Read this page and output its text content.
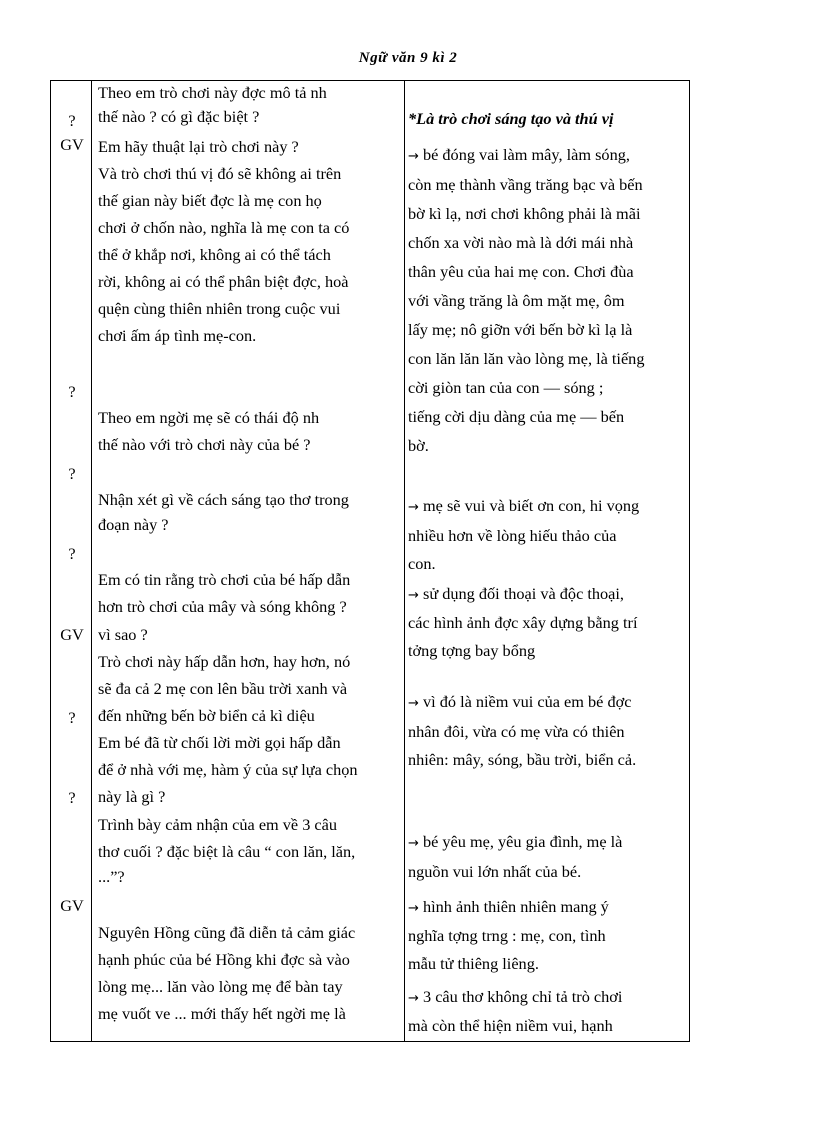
Ngữ văn 9 kì 2
?
GV
?
?
?
GV
?
?
GV
Theo em trò chơi này đợc mô tả nh
thế nào ? có gì đặc biệt ?
Em hãy thuật lại trò chơi này ?
Và trò chơi thú vị đó sẽ không ai trên
thế gian này biết đợc là mẹ con họ
chơi ở chốn nào, nghĩa là mẹ con ta có
thể ở khắp nơi, không ai có thể tách
rời, không ai có thể phân biệt đợc, hoà
quện cùng thiên nhiên trong cuộc vui
chơi ấm áp tình mẹ-con.
Theo em ngời mẹ sẽ có thái độ nh
thế nào với trò chơi này của bé ?
Nhận xét gì về cách sáng tạo thơ trong
đoạn này ?
Em có tin rằng trò chơi của bé hấp dẫn
hơn trò chơi của mây và sóng không ?
vì sao ?
Trò chơi này hấp dẫn hơn, hay hơn, nó
sẽ đa cả 2 mẹ con lên bầu trời xanh và
đến những bến bờ biển cả kì diệu
Em bé đã từ chối lời mời gọi hấp dẫn
để ở nhà với mẹ, hàm ý của sự lựa chọn
này là gì ?
Trình bày cảm nhận của em về 3 câu
thơ cuối ? đặc biệt là câu “ con lăn, lăn,
...”?
Nguyên Hồng cũng đã diễn tả cảm giác
hạnh phúc của bé Hồng khi đợc sà vào
lòng mẹ... lăn vào lòng mẹ để bàn tay
mẹ vuốt ve ... mới thấy hết ngời mẹ là
*Là trò chơi sáng tạo và thú vị
→ bé đóng vai làm mây, làm sóng,
còn mẹ thành vầng trăng bạc và bến
bờ kì lạ, nơi chơi không phải là mãi
chốn xa vời nào mà là dới mái nhà
thân yêu của hai mẹ con. Chơi đùa
với vầng trăng là ôm mặt mẹ, ôm
lấy mẹ; nô giỡn với bến bờ kì lạ là
con lăn lăn lăn vào lòng mẹ, là tiếng
cời giòn tan của con — sóng ;
tiếng cời dịu dàng của mẹ — bến
bờ.
→ mẹ sẽ vui và biết ơn con, hi vọng
nhiều hơn về lòng hiếu thảo của
con.
→ sử dụng đối thoại và độc thoại,
các hình ảnh đợc xây dựng bằng trí
tởng tợng bay bổng
→ vì đó là niềm vui của em bé đợc
nhân đôi, vừa có mẹ vừa có thiên
nhiên: mây, sóng, bầu trời, biển cả.
→ bé yêu mẹ, yêu gia đình, mẹ là
nguồn vui lớn nhất của bé.
→ hình ảnh thiên nhiên mang ý
nghĩa tợng trng : mẹ, con, tình
mẫu tử thiêng liêng.
→ 3 câu thơ không chỉ tả trò chơi
mà còn thể hiện niềm vui, hạnh
